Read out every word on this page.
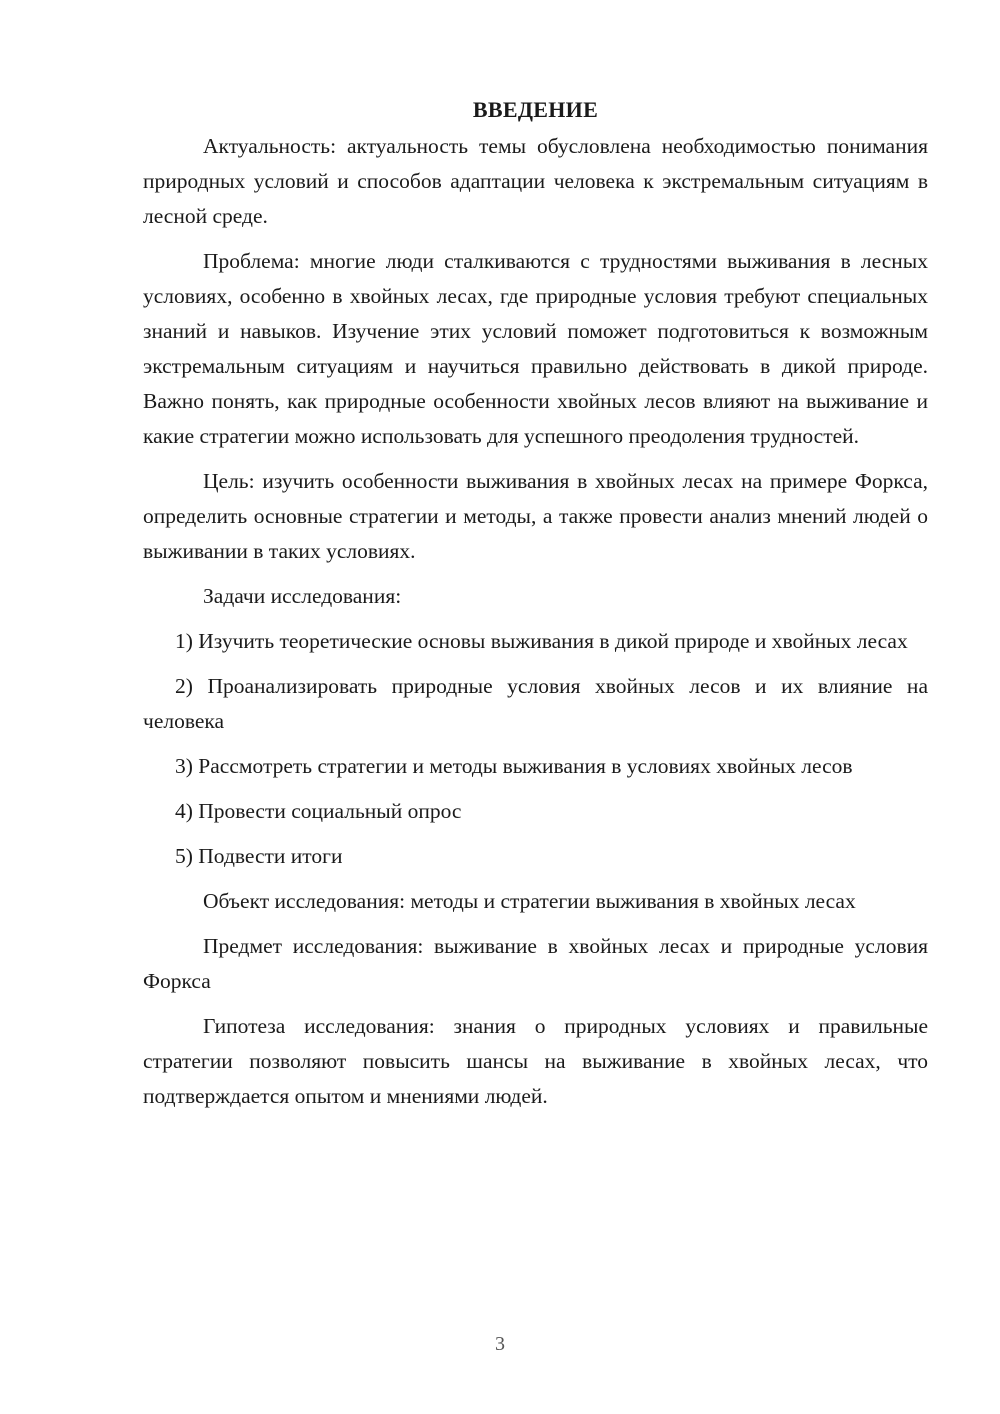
ВВЕДЕНИЕ

Актуальность: актуальность темы обусловлена необходимостью понимания природных условий и способов адаптации человека к экстремальным ситуациям в лесной среде.

Проблема: многие люди сталкиваются с трудностями выживания в лесных условиях, особенно в хвойных лесах, где природные условия требуют специальных знаний и навыков. Изучение этих условий поможет подготовиться к возможным экстремальным ситуациям и научиться правильно действовать в дикой природе. Важно понять, как природные особенности хвойных лесов влияют на выживание и какие стратегии можно использовать для успешного преодоления трудностей.

Цель: изучить особенности выживания в хвойных лесах на примере Форкса, определить основные стратегии и методы, а также провести анализ мнений людей о выживании в таких условиях.

Задачи исследования:

1) Изучить теоретические основы выживания в дикой природе и хвойных лесах

2) Проанализировать природные условия хвойных лесов и их влияние на человека

3) Рассмотреть стратегии и методы выживания в условиях хвойных лесов

4) Провести социальный опрос

5) Подвести итоги

Объект исследования: методы и стратегии выживания в хвойных лесах

Предмет исследования: выживание в хвойных лесах и природные условия Форкса

Гипотеза исследования: знания о природных условиях и правильные стратегии позволяют повысить шансы на выживание в хвойных лесах, что подтверждается опытом и мнениями людей.

3
